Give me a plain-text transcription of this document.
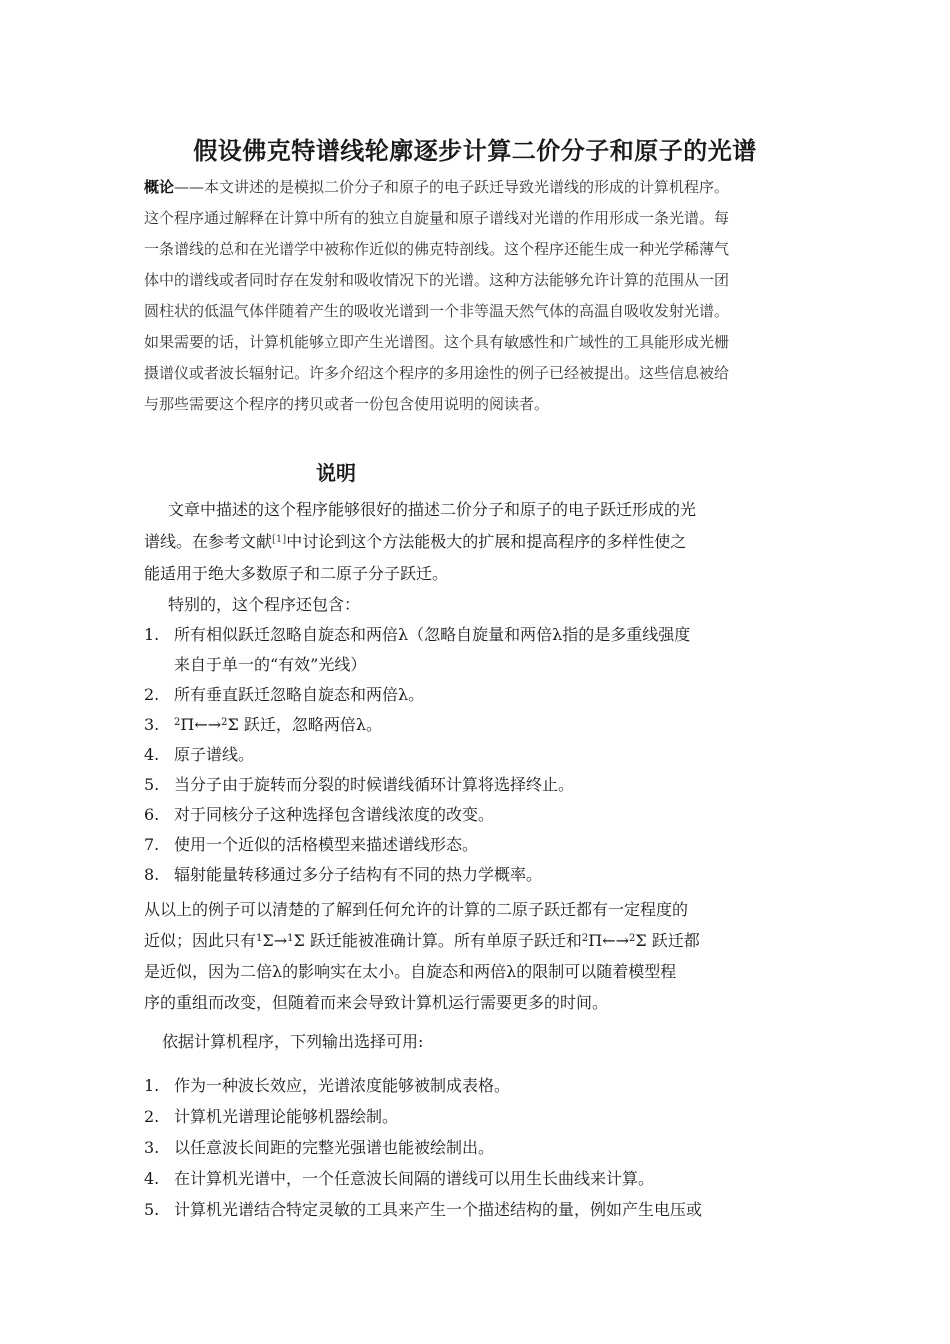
假设佛克特谱线轮廓逐步计算二价分子和原子的光谱
概论——本文讲述的是模拟二价分子和原子的电子跃迁导致光谱线的形成的计算机程序。
这个程序通过解释在计算中所有的独立自旋量和原子谱线对光谱的作用形成一条光谱。每
一条谱线的总和在光谱学中被称作近似的佛克特剖线。这个程序还能生成一种光学稀薄气
体中的谱线或者同时存在发射和吸收情况下的光谱。这种方法能够允许计算的范围从一团
圆柱状的低温气体伴随着产生的吸收光谱到一个非等温天然气体的高温自吸收发射光谱。
如果需要的话，计算机能够立即产生光谱图。这个具有敏感性和广域性的工具能形成光栅
摄谱仪或者波长辐射记。许多介绍这个程序的多用途性的例子已经被提出。这些信息被给
与那些需要这个程序的拷贝或者一份包含使用说明的阅读者。
说明
文章中描述的这个程序能够很好的描述二价分子和原子的电子跃迁形成的光
谱线。在参考文献[1]中讨论到这个方法能极大的扩展和提高程序的多样性使之
能适用于绝大多数原子和二原子分子跃迁。
特别的，这个程序还包含：
1. 所有相似跃迁忽略自旋态和两倍λ（忽略自旋量和两倍λ指的是多重线强度
来自于单一的“有效”光线）
2. 所有垂直跃迁忽略自旋态和两倍λ。
3. $^2$Π←→$^2$Σ 跃迁，忽略两倍λ。
4. 原子谱线。
5. 当分子由于旋转而分裂的时候谱线循环计算将选择终止。
6. 对于同核分子这种选择包含谱线浓度的改变。
7. 使用一个近似的活格模型来描述谱线形态。
8. 辐射能量转移通过多分子结构有不同的热力学概率。
从以上的例子可以清楚的了解到任何允许的计算的二原子跃迁都有一定程度的
近似；因此只有$^1$Σ→$^1$Σ 跃迁能被准确计算。所有单原子跃迁和$^2$Π←→$^2$Σ 跃迁都
是近似，因为二倍λ的影响实在太小。自旋态和两倍λ的限制可以随着模型程
序的重组而改变，但随着而来会导致计算机运行需要更多的时间。
依据计算机程序，下列输出选择可用:
1. 作为一种波长效应，光谱浓度能够被制成表格。
2. 计算机光谱理论能够机器绘制。
3. 以任意波长间距的完整光强谱也能被绘制出。
4. 在计算机光谱中，一个任意波长间隔的谱线可以用生长曲线来计算。
5. 计算机光谱结合特定灵敏的工具来产生一个描述结构的量，例如产生电压或
